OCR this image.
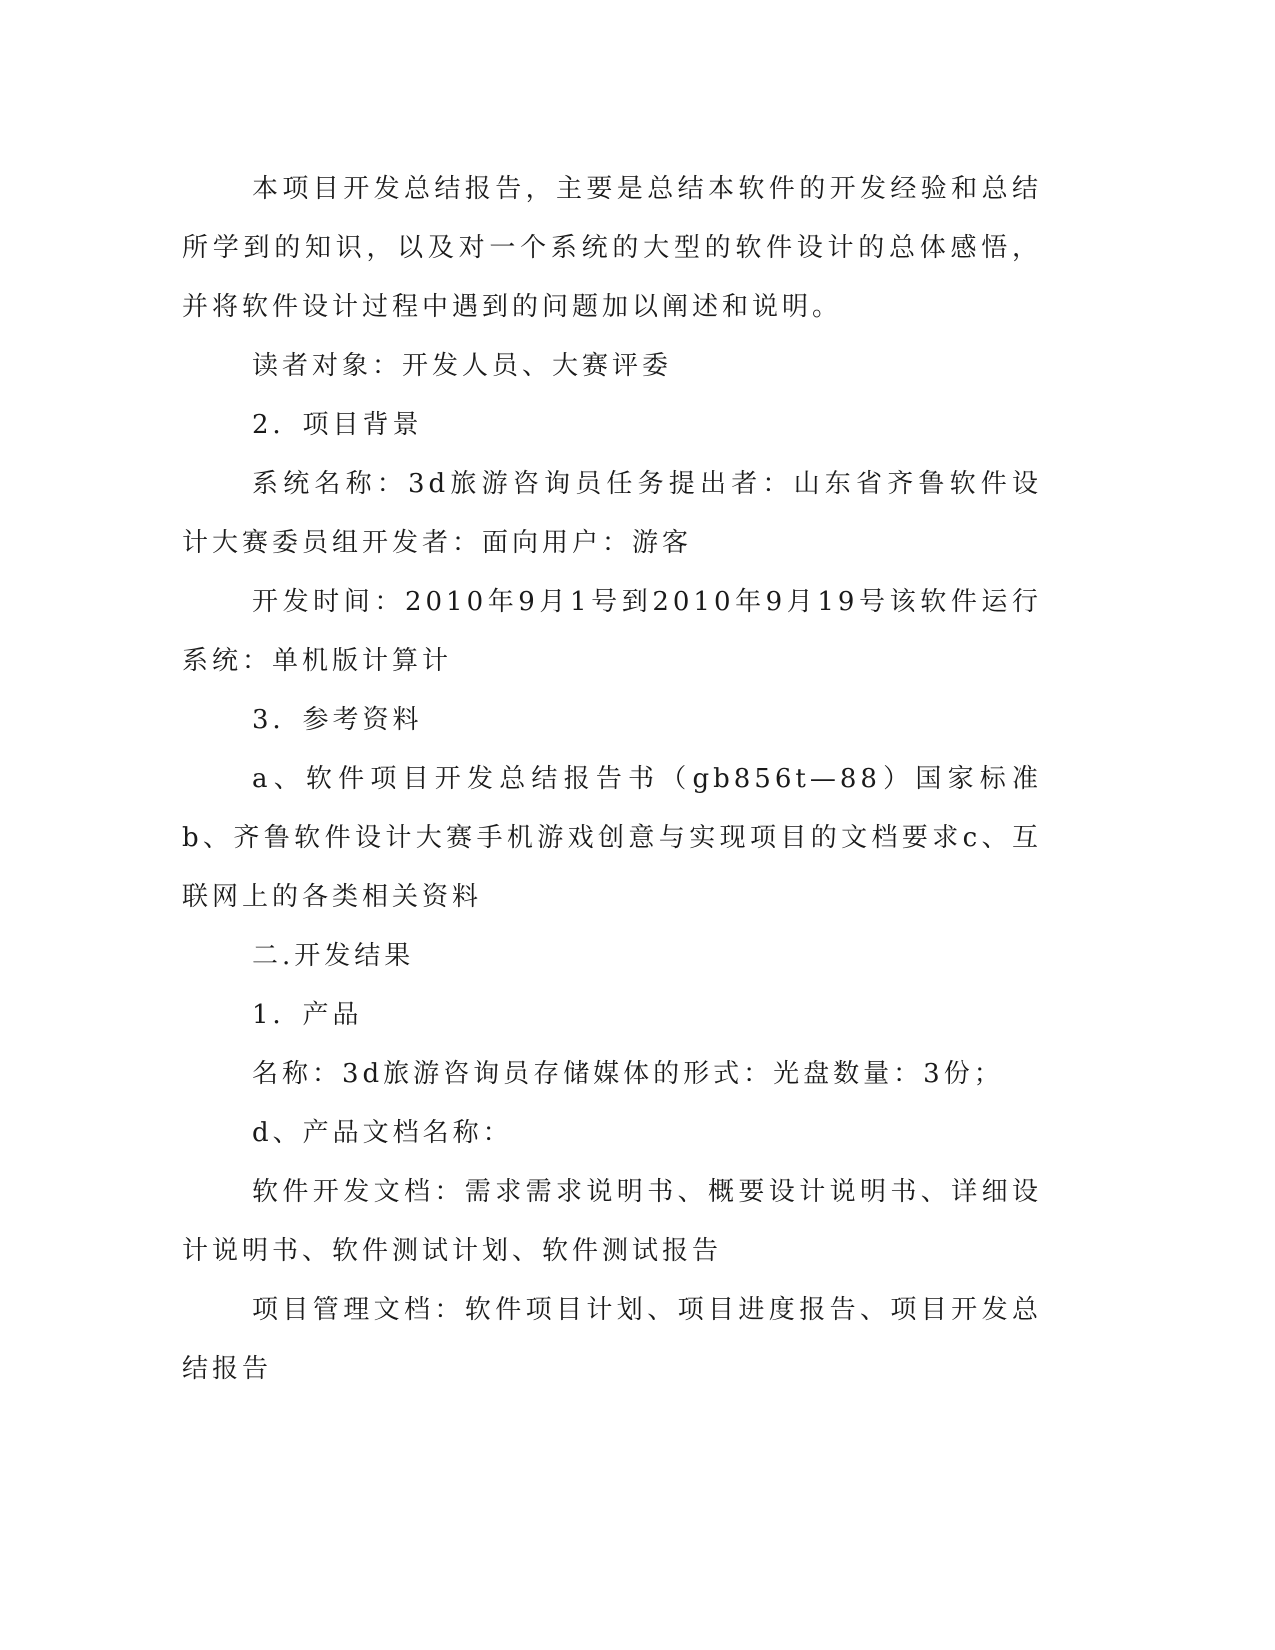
本项目开发总结报告，主要是总结本软件的开发经验和总结所学到的知识，以及对一个系统的大型的软件设计的总体感悟，并将软件设计过程中遇到的问题加以阐述和说明。

读者对象：开发人员、大赛评委

2．项目背景

系统名称：3d旅游咨询员任务提出者：山东省齐鲁软件设计大赛委员组开发者：面向用户：游客

开发时间：2010年9月1号到2010年9月19号该软件运行系统：单机版计算计

3．参考资料

a、软件项目开发总结报告书（gb856t—88）国家标准b、齐鲁软件设计大赛手机游戏创意与实现项目的文档要求c、互联网上的各类相关资料

二.开发结果

1．产品

名称：3d旅游咨询员存储媒体的形式：光盘数量：3份；

d、产品文档名称：

软件开发文档：需求需求说明书、概要设计说明书、详细设计说明书、软件测试计划、软件测试报告

项目管理文档：软件项目计划、项目进度报告、项目开发总结报告
